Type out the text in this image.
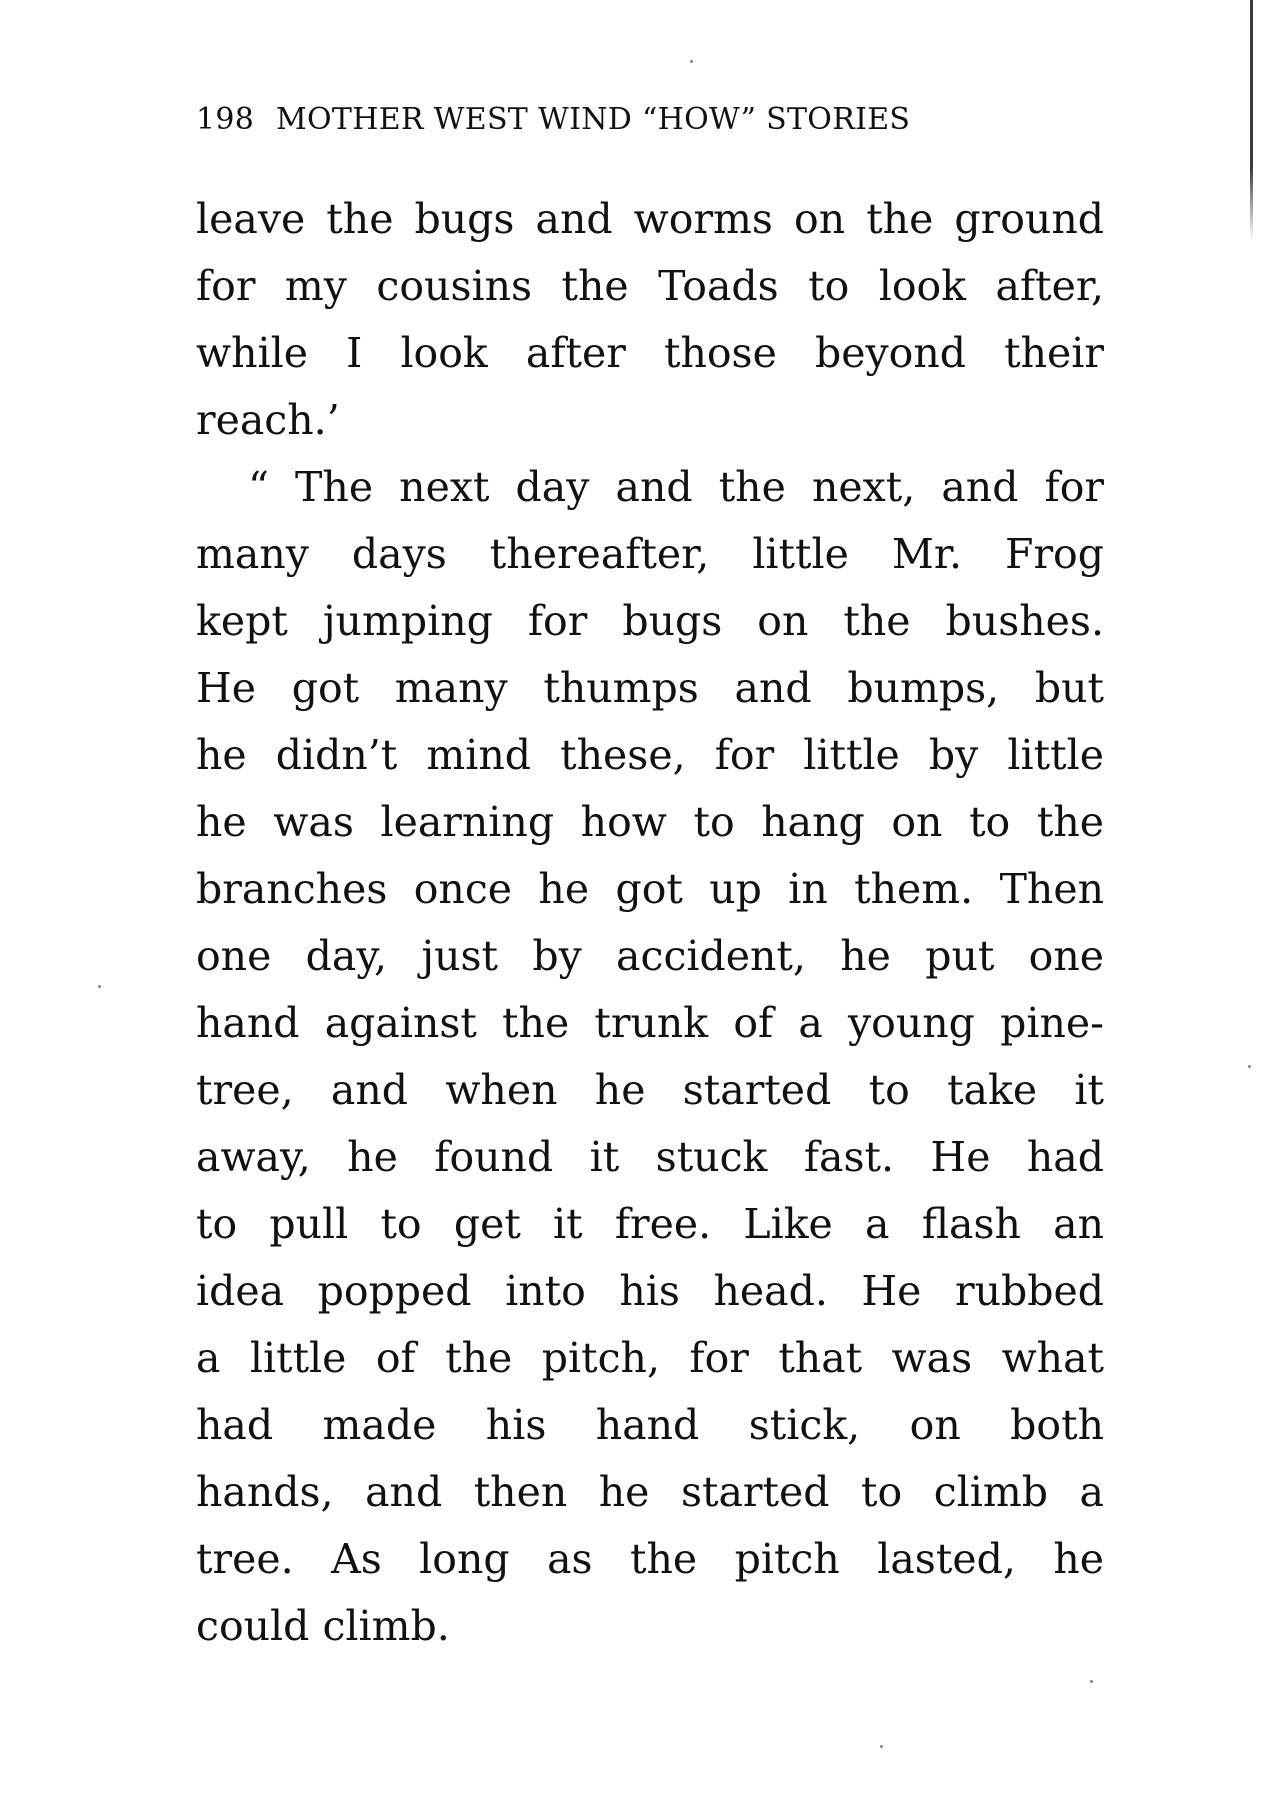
198 MOTHER WEST WIND “HOW” STORIES
leave the bugs and worms on the ground
for my cousins the Toads to look after,
while I look after those beyond their
reach.’
“ The next day and the next, and for
many days thereafter, little Mr. Frog
kept jumping for bugs on the bushes.
He got many thumps and bumps, but
he didn’t mind these, for little by little
he was learning how to hang on to the
branches once he got up in them. Then
one day, just by accident, he put one
hand against the trunk of a young pine-
tree, and when he started to take it
away, he found it stuck fast. He had
to pull to get it free. Like a flash an
idea popped into his head. He rubbed
a little of the pitch, for that was what
had made his hand stick, on both
hands, and then he started to climb a
tree. As long as the pitch lasted, he
could climb.
